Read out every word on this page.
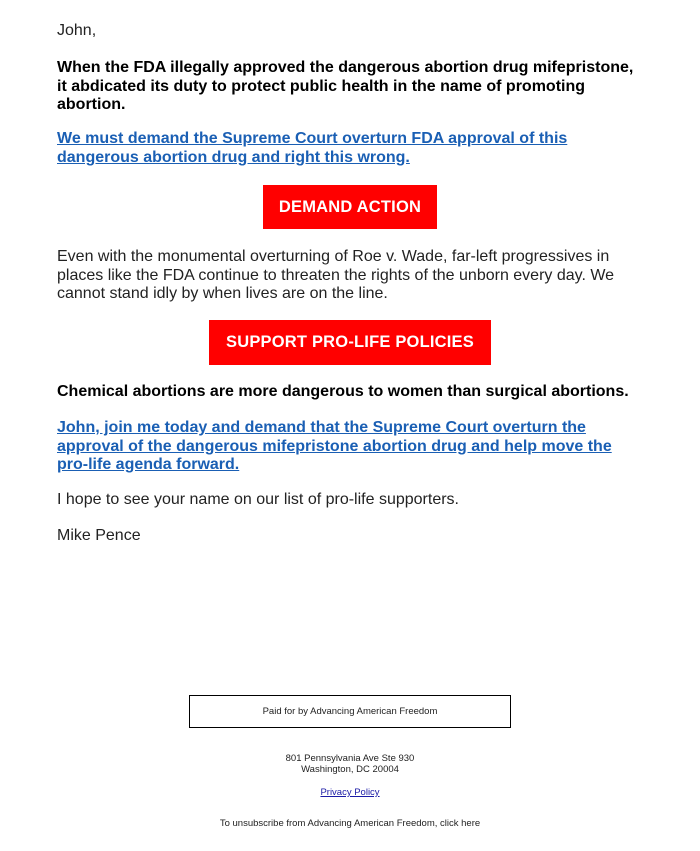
John,

When the FDA illegally approved the dangerous abortion drug mifepristone, it abdicated its duty to protect public health in the name of promoting abortion.

We must demand the Supreme Court overturn FDA approval of this dangerous abortion drug and right this wrong.

DEMAND ACTION

Even with the monumental overturning of Roe v. Wade, far-left progressives in places like the FDA continue to threaten the rights of the unborn every day. We cannot stand idly by when lives are on the line.

SUPPORT PRO-LIFE POLICIES

Chemical abortions are more dangerous to women than surgical abortions.

John, join me today and demand that the Supreme Court overturn the approval of the dangerous mifepristone abortion drug and help move the pro-life agenda forward.

I hope to see your name on our list of pro-life supporters.

Mike Pence

Paid for by Advancing American Freedom
801 Pennsylvania Ave Ste 930
Washington, DC 20004
Privacy Policy
To unsubscribe from Advancing American Freedom, click here
